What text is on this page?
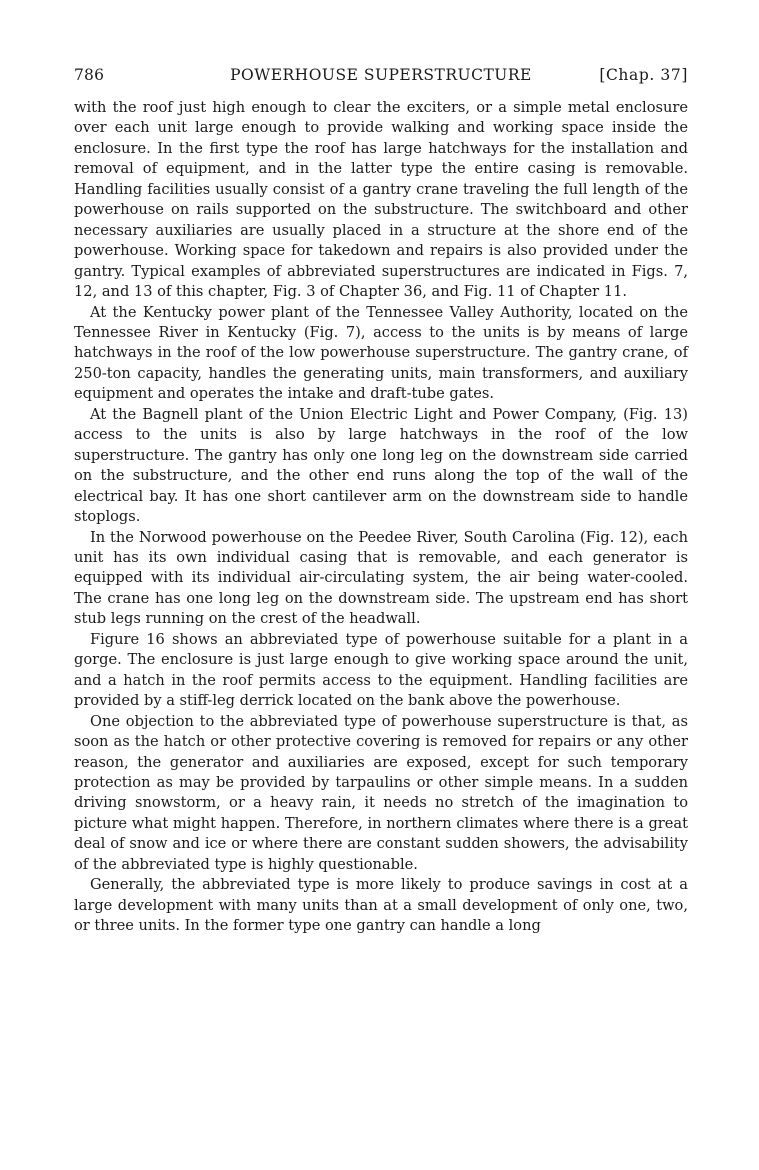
786	POWERHOUSE SUPERSTRUCTURE	[Chap. 37]

with the roof just high enough to clear the exciters, or a simple metal enclosure over each unit large enough to provide walking and working space inside the enclosure. In the first type the roof has large hatchways for the installation and removal of equipment, and in the latter type the entire casing is removable. Handling facilities usually consist of a gantry crane traveling the full length of the powerhouse on rails supported on the substructure. The switchboard and other necessary auxiliaries are usually placed in a structure at the shore end of the powerhouse. Working space for takedown and repairs is also provided under the gantry. Typical examples of abbreviated superstructures are indicated in Figs. 7, 12, and 13 of this chapter, Fig. 3 of Chapter 36, and Fig. 11 of Chapter 11.

At the Kentucky power plant of the Tennessee Valley Authority, located on the Tennessee River in Kentucky (Fig. 7), access to the units is by means of large hatchways in the roof of the low powerhouse superstructure. The gantry crane, of 250-ton capacity, handles the generating units, main transformers, and auxiliary equipment and operates the intake and draft-tube gates.

At the Bagnell plant of the Union Electric Light and Power Company, (Fig. 13) access to the units is also by large hatchways in the roof of the low superstructure. The gantry has only one long leg on the downstream side carried on the substructure, and the other end runs along the top of the wall of the electrical bay. It has one short cantilever arm on the downstream side to handle stoplogs.

In the Norwood powerhouse on the Peedee River, South Carolina (Fig. 12), each unit has its own individual casing that is removable, and each generator is equipped with its individual air-circulating system, the air being water-cooled. The crane has one long leg on the downstream side. The upstream end has short stub legs running on the crest of the headwall.

Figure 16 shows an abbreviated type of powerhouse suitable for a plant in a gorge. The enclosure is just large enough to give working space around the unit, and a hatch in the roof permits access to the equipment. Handling facilities are provided by a stiff-leg derrick located on the bank above the powerhouse.

One objection to the abbreviated type of powerhouse superstructure is that, as soon as the hatch or other protective covering is removed for repairs or any other reason, the generator and auxiliaries are exposed, except for such temporary protection as may be provided by tarpaulins or other simple means. In a sudden driving snowstorm, or a heavy rain, it needs no stretch of the imagination to picture what might happen. Therefore, in northern climates where there is a great deal of snow and ice or where there are constant sudden showers, the advisability of the abbreviated type is highly questionable.

Generally, the abbreviated type is more likely to produce savings in cost at a large development with many units than at a small development of only one, two, or three units. In the former type one gantry can handle a long
